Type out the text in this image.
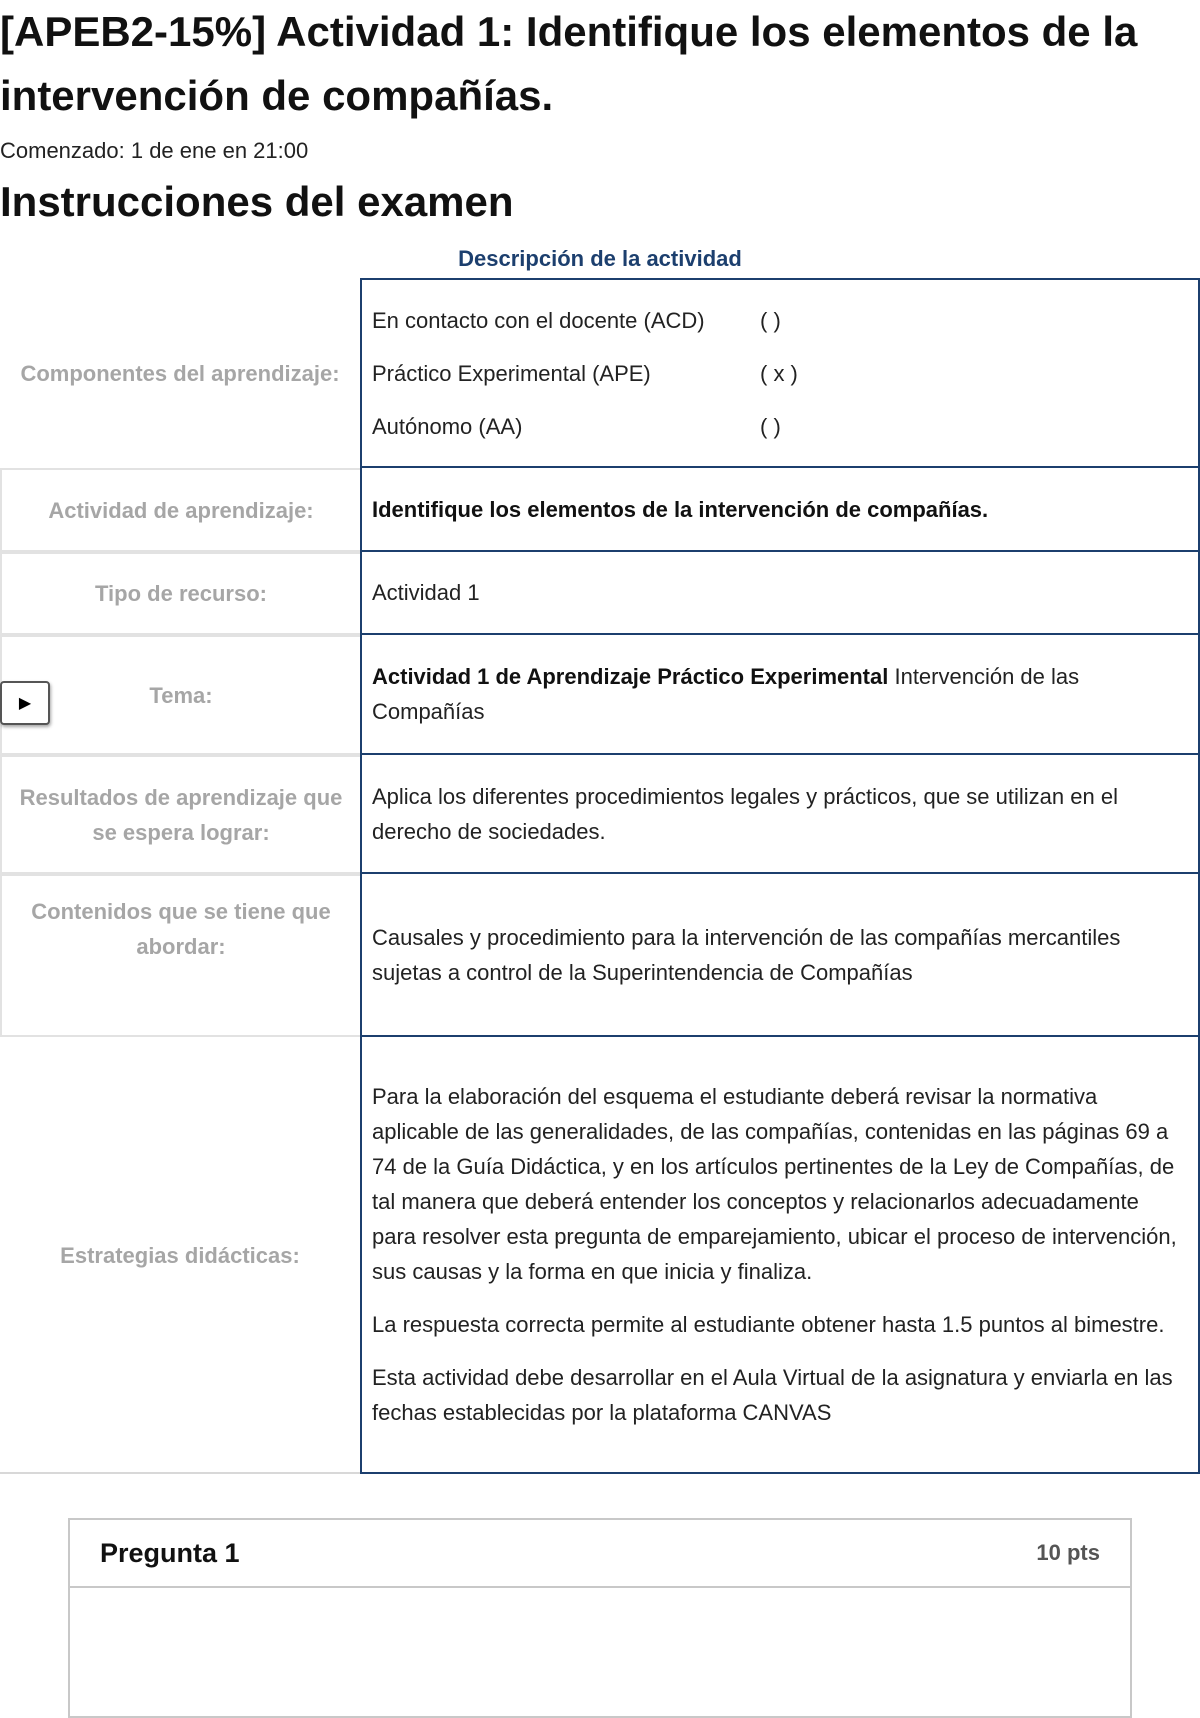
[APEB2-15%] Actividad 1: Identifique los elementos de la intervención de compañías.
Comenzado: 1 de ene en 21:00
Instrucciones del examen
Descripción de la actividad
Componentes del aprendizaje:
En contacto con el docente (ACD)	( )
Práctico Experimental (APE)	( x )
Autónomo (AA)	( )
Actividad de aprendizaje:	Identifique los elementos de la intervención de compañías.
Tipo de recurso:	Actividad 1
Tema:
▶
Actividad 1 de Aprendizaje Práctico Experimental Intervención de las Compañías
Resultados de aprendizaje que se espera lograr:
Aplica los diferentes procedimientos legales y prácticos, que se utilizan en el derecho de sociedades.
Contenidos que se tiene que abordar:	Causales y procedimiento para la intervención de las compañías mercantiles sujetas a control de la Superintendencia de Compañías
Estrategias didácticas:

Para la elaboración del esquema el estudiante deberá revisar la normativa aplicable de las generalidades, de las compañías, contenidas en las páginas 69 a 74 de la Guía Didáctica, y en los artículos pertinentes de la Ley de Compañías, de tal manera que deberá entender los conceptos y relacionarlos adecuadamente para resolver esta pregunta de emparejamiento, ubicar el proceso de intervención, sus causas y la forma en que inicia y finaliza.

La respuesta correcta permite al estudiante obtener hasta 1.5 puntos al bimestre.

Esta actividad debe desarrollar en el Aula Virtual de la asignatura y enviarla en las fechas establecidas por la plataforma CANVAS

Pregunta 1	10 pts
